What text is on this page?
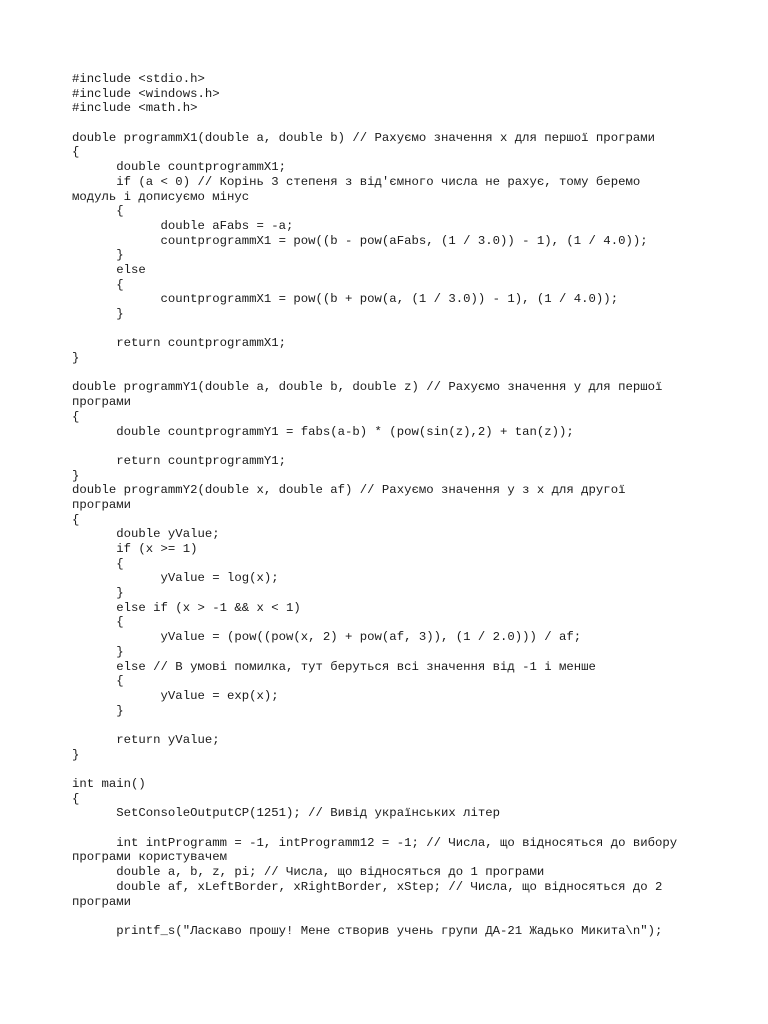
#include <stdio.h>
#include <windows.h>
#include <math.h>
double programmX1(double a, double b) // Рахуємо значення x для першої програми
{
double countprogrammX1;
if (a < 0) // Корінь 3 степеня з від'ємного числа не рахує, тому беремо
модуль і дописуємо мінус
{
double aFabs = -a;
countprogrammX1 = pow((b - pow(aFabs, (1 / 3.0)) - 1), (1 / 4.0));
}
else
{
countprogrammX1 = pow((b + pow(a, (1 / 3.0)) - 1), (1 / 4.0));
}
return countprogrammX1;
}
double programmY1(double a, double b, double z) // Рахуємо значення y для першої
програми
{
double countprogrammY1 = fabs(a-b) * (pow(sin(z),2) + tan(z));
return countprogrammY1;
}
double programmY2(double x, double af) // Рахуємо значення y з x для другої
програми
{
double yValue;
if (x >= 1)
{
yValue = log(x);
}
else if (x > -1 && x < 1)
{
yValue = (pow((pow(x, 2) + pow(af, 3)), (1 / 2.0))) / af;
}
else // В умові помилка, тут беруться всі значення від -1 і менше
{
yValue = exp(x);
}
return yValue;
}
int main()
{
SetConsoleOutputCP(1251); // Вивід українських літер
int intProgramm = -1, intProgramm12 = -1; // Числа, що відносяться до вибору
програми користувачем
double a, b, z, pi; // Числа, що відносяться до 1 програми
double af, xLeftBorder, xRightBorder, xStep; // Числа, що відносяться до 2
програми
printf_s("Ласкаво прошу! Мене створив учень групи ДА-21 Жадько Микита\n");
